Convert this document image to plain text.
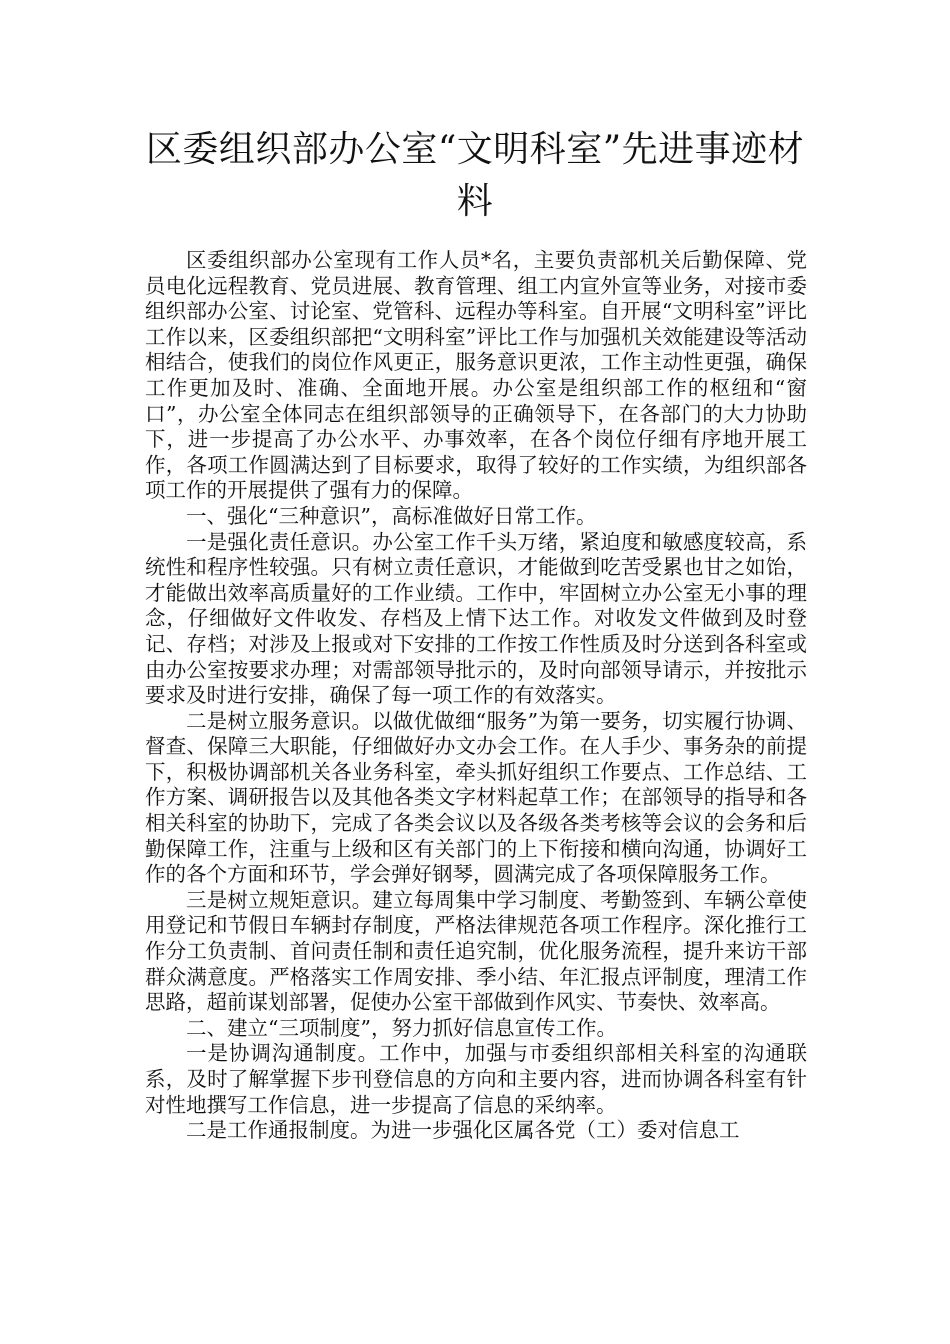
区委组织部办公室“文明科室”先进事迹材料

区委组织部办公室现有工作人员*名，主要负责部机关后勤保障、党员电化远程教育、党员进展、教育管理、组工内宣外宣等业务，对接市委组织部办公室、讨论室、党管科、远程办等科室。自开展“文明科室”评比工作以来，区委组织部把“文明科室”评比工作与加强机关效能建设等活动相结合，使我们的岗位作风更正，服务意识更浓，工作主动性更强，确保工作更加及时、准确、全面地开展。办公室是组织部工作的枢纽和“窗口”，办公室全体同志在组织部领导的正确领导下，在各部门的大力协助下，进一步提高了办公水平、办事效率，在各个岗位仔细有序地开展工作，各项工作圆满达到了目标要求，取得了较好的工作实绩，为组织部各项工作的开展提供了强有力的保障。

一、强化“三种意识”，高标准做好日常工作。

一是强化责任意识。办公室工作千头万绪，紧迫度和敏感度较高，系统性和程序性较强。只有树立责任意识，才能做到吃苦受累也甘之如饴，才能做出效率高质量好的工作业绩。工作中，牢固树立办公室无小事的理念，仔细做好文件收发、存档及上情下达工作。对收发文件做到及时登记、存档；对涉及上报或对下安排的工作按工作性质及时分送到各科室或由办公室按要求办理；对需部领导批示的，及时向部领导请示，并按批示要求及时进行安排，确保了每一项工作的有效落实。

二是树立服务意识。以做优做细“服务”为第一要务，切实履行协调、督查、保障三大职能，仔细做好办文办会工作。在人手少、事务杂的前提下，积极协调部机关各业务科室，牵头抓好组织工作要点、工作总结、工作方案、调研报告以及其他各类文字材料起草工作；在部领导的指导和各相关科室的协助下，完成了各类会议以及各级各类考核等会议的会务和后勤保障工作，注重与上级和区有关部门的上下衔接和横向沟通，协调好工作的各个方面和环节，学会弹好钢琴，圆满完成了各项保障服务工作。

三是树立规矩意识。建立每周集中学习制度、考勤签到、车辆公章使用登记和节假日车辆封存制度，严格法律规范各项工作程序。深化推行工作分工负责制、首问责任制和责任追究制，优化服务流程，提升来访干部群众满意度。严格落实工作周安排、季小结、年汇报点评制度，理清工作思路，超前谋划部署，促使办公室干部做到作风实、节奏快、效率高。

二、建立“三项制度”，努力抓好信息宣传工作。

一是协调沟通制度。工作中，加强与市委组织部相关科室的沟通联系，及时了解掌握下步刊登信息的方向和主要内容，进而协调各科室有针对性地撰写工作信息，进一步提高了信息的采纳率。

二是工作通报制度。为进一步强化区属各党（工）委对信息工
